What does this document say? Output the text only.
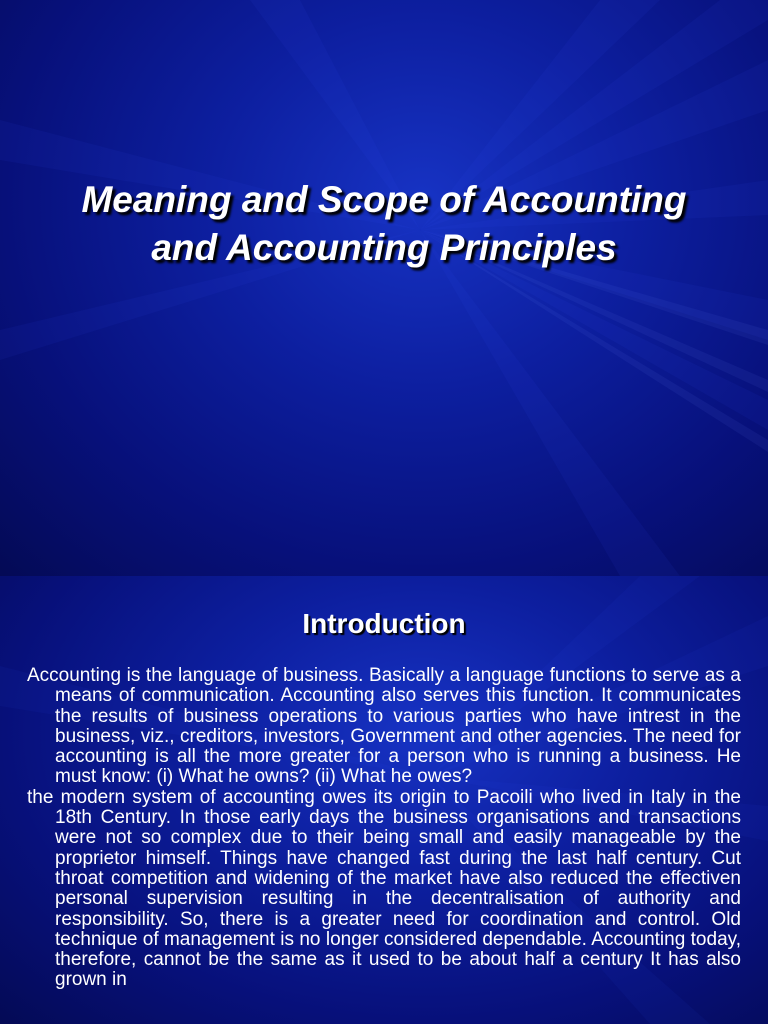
Meaning and Scope of Accounting
and Accounting Principles
Introduction

Accounting is the language of business. Basically a language functions to serve as a means of communication. Accounting also serves this function. It communicates the results of business operations to various parties who have intrest in the business, viz., creditors, investors, Government and other agencies. The need for accounting is all the more greater for a person who is running a business. He must know: (i) What he owns? (ii) What he owes?

the modern system of accounting owes its origin to Pacoili who lived in Italy in the 18th Century. In those early days the business organisations and transactions were not so complex due to their being small and easily manageable by the proprietor himself. Things have changed fast during the last half century. Cut throat competition and widening of the market have also reduced the effectiven personal supervision resulting in the decentralisation of authority and responsibility. So, there is a greater need for coordination and control. Old technique of management is no longer considered dependable. Accounting today, therefore, cannot be the same as it used to be about half a century It has also grown in
